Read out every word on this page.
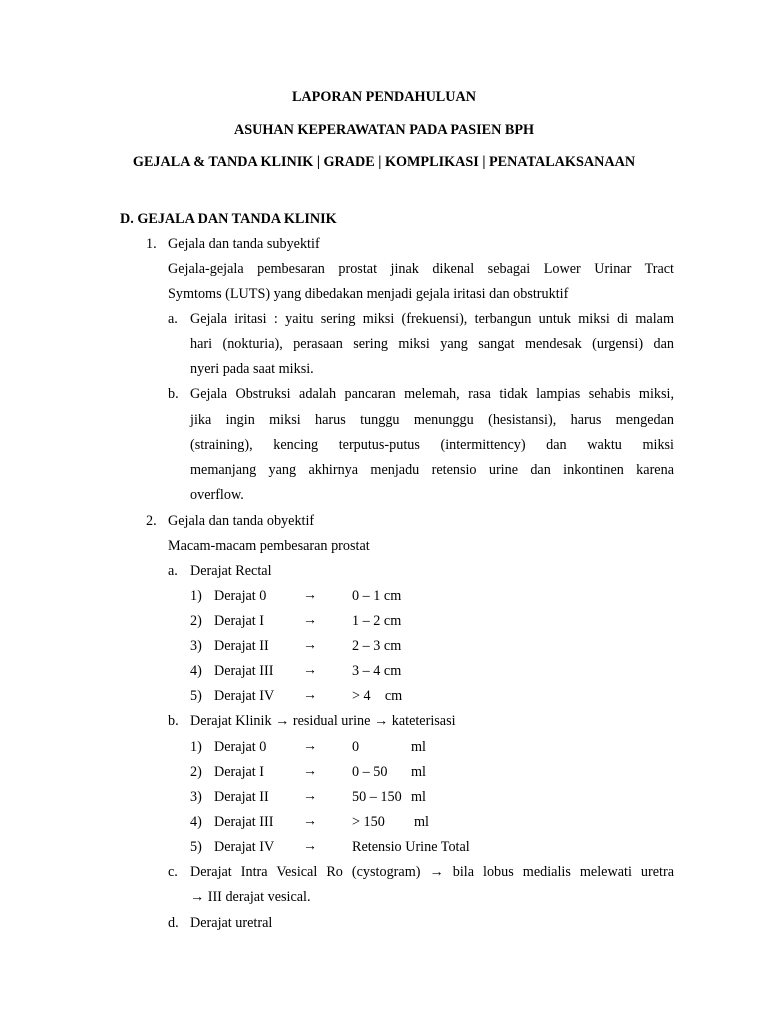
LAPORAN PENDAHULUAN
ASUHAN KEPERAWATAN PADA PASIEN BPH
GEJALA & TANDA KLINIK | GRADE | KOMPLIKASI | PENATALAKSANAAN
D. GEJALA DAN TANDA KLINIK
1. Gejala dan tanda subyektif
Gejala-gejala pembesaran prostat jinak dikenal sebagai Lower Urinar Tract
Symtoms (LUTS) yang dibedakan menjadi gejala iritasi dan obstruktif
a. Gejala iritasi : yaitu sering miksi (frekuensi), terbangun untuk miksi di malam
hari (nokturia), perasaan sering miksi yang sangat mendesak (urgensi) dan
nyeri pada saat miksi.
b. Gejala Obstruksi adalah pancaran melemah, rasa tidak lampias sehabis miksi,
jika ingin miksi harus tunggu menunggu (hesistansi), harus mengedan
(straining), kencing terputus-putus (intermittency) dan waktu miksi
memanjang yang akhirnya menjadu retensio urine dan inkontinen karena
overflow.
2. Gejala dan tanda obyektif
Macam-macam pembesaran prostat
a. Derajat Rectal
1) Derajat 0	→ 0 – 1 cm
2) Derajat I	→ 1 – 2 cm
3) Derajat II → 2 – 3 cm
4) Derajat III → 3 – 4 cm
5) Derajat IV → > 4    cm
b. Derajat Klinik → residual urine → kateterisasi
1) Derajat 0	→ 0	ml
2) Derajat I	→ 0 – 50 ml
3) Derajat II → 50 – 150 ml
4) Derajat III → > 150 ml
5) Derajat IV → Retensio Urine Total
c. Derajat Intra Vesical Ro (cystogram) → bila lobus medialis melewati uretra
→ III derajat vesical.
d. Derajat uretral
